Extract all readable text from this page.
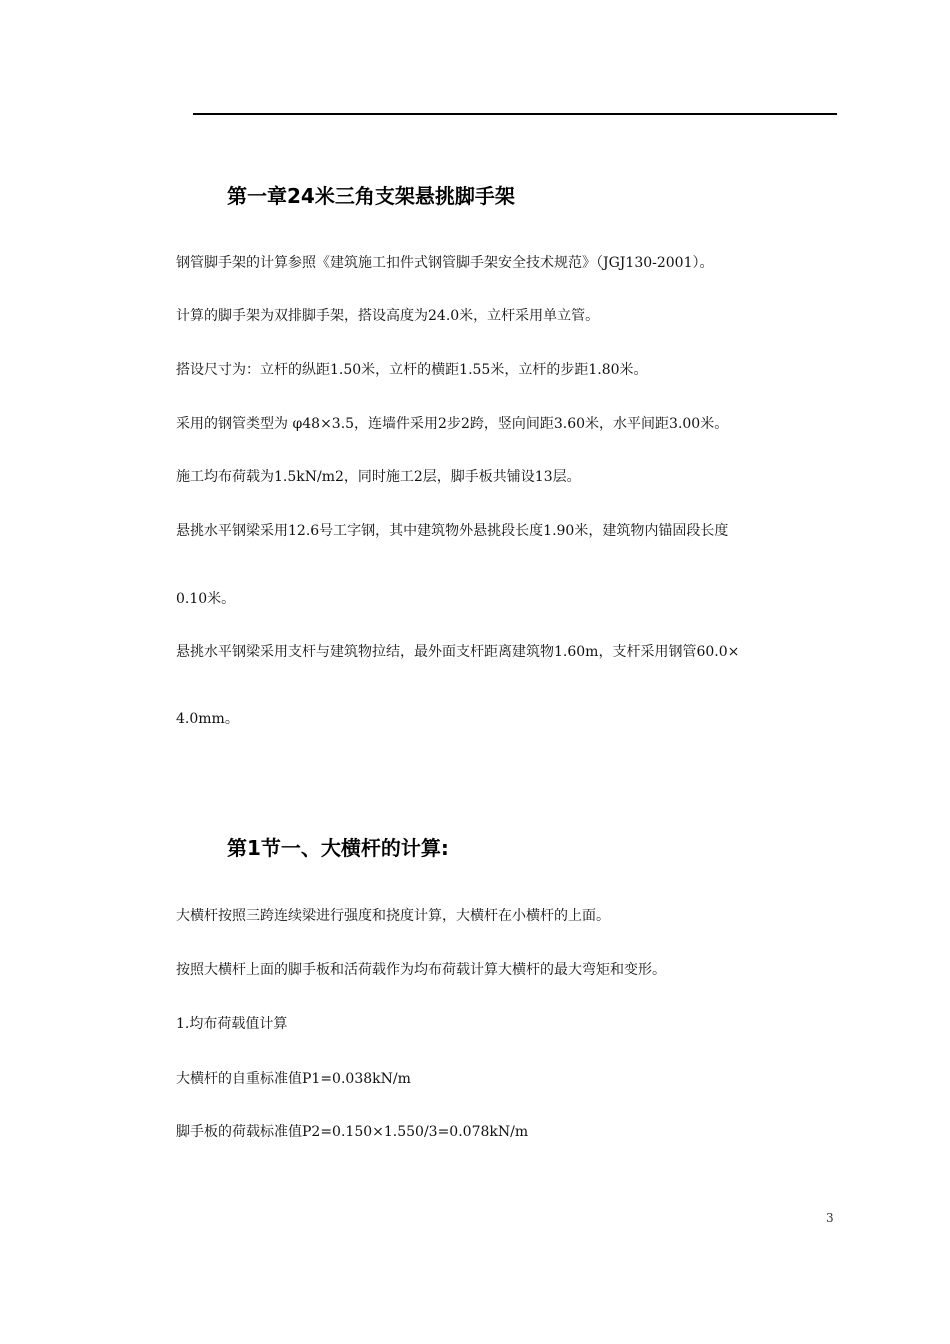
第一章24米三角支架悬挑脚手架
钢管脚手架的计算参照《建筑施工扣件式钢管脚手架安全技术规范》（JGJ130-2001）。
计算的脚手架为双排脚手架，搭设高度为24.0米，立杆采用单立管。
搭设尺寸为：立杆的纵距1.50米，立杆的横距1.55米，立杆的步距1.80米。
采用的钢管类型为 φ48×3.5，连墙件采用2步2跨，竖向间距3.60米，水平间距3.00米。
施工均布荷载为1.5kN/m2，同时施工2层，脚手板共铺设13层。
悬挑水平钢梁采用12.6号工字钢，其中建筑物外悬挑段长度1.90米，建筑物内锚固段长度
0.10米。
悬挑水平钢梁采用支杆与建筑物拉结，最外面支杆距离建筑物1.60m，支杆采用钢管60.0×
4.0mm。
第1节一、大横杆的计算:
大横杆按照三跨连续梁进行强度和挠度计算，大横杆在小横杆的上面。
按照大横杆上面的脚手板和活荷载作为均布荷载计算大横杆的最大弯矩和变形。
1.均布荷载值计算
大横杆的自重标准值P1=0.038kN/m
脚手板的荷载标准值P2=0.150×1.550/3=0.078kN/m
3
